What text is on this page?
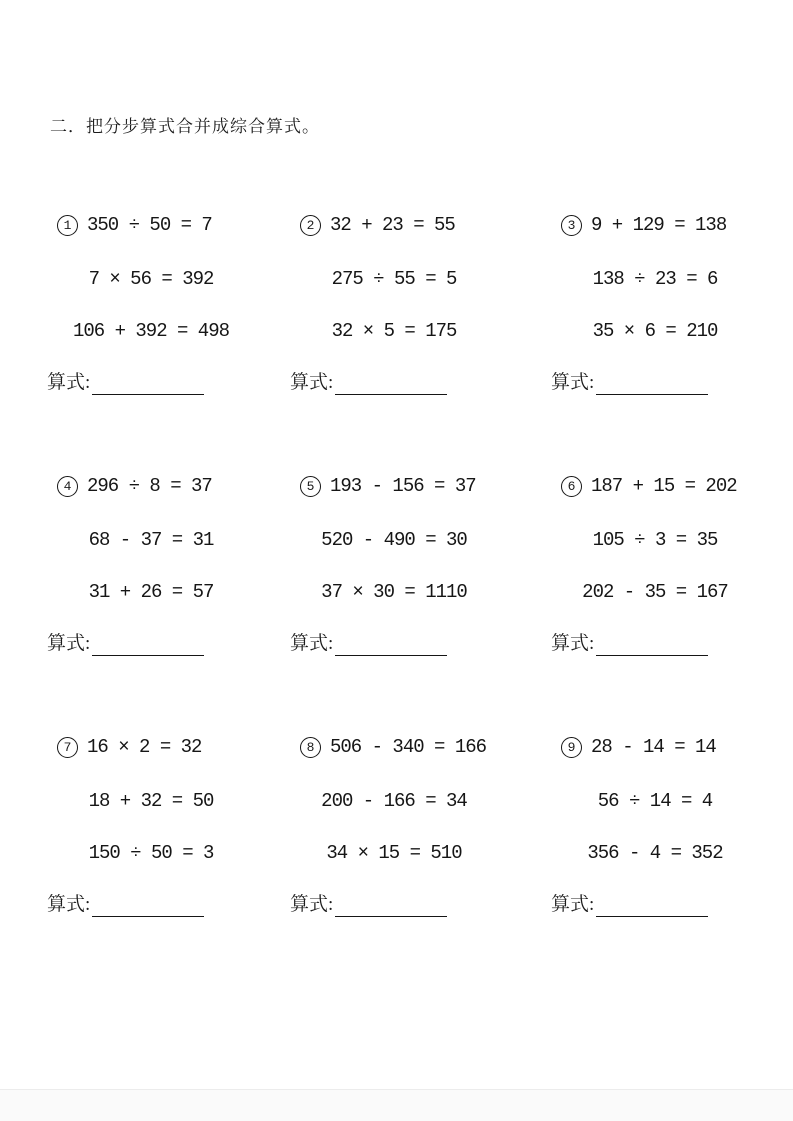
二．把分步算式合并成综合算式。
1 350 ÷ 50 = 7
7 × 56 = 392
106 + 392 = 498
算式:
2 32 + 23 = 55
275 ÷ 55 = 5
32 × 5 = 175
算式:
3 9 + 129 = 138
138 ÷ 23 = 6
35 × 6 = 210
算式:
4 296 ÷ 8 = 37
68 - 37 = 31
31 + 26 = 57
算式:
5 193 - 156 = 37
520 - 490 = 30
37 × 30 = 1110
算式:
6 187 + 15 = 202
105 ÷ 3 = 35
202 - 35 = 167
算式:
7 16 × 2 = 32
18 + 32 = 50
150 ÷ 50 = 3
算式:
8 506 - 340 = 166
200 - 166 = 34
34 × 15 = 510
算式:
9 28 - 14 = 14
56 ÷ 14 = 4
356 - 4 = 352
算式:
